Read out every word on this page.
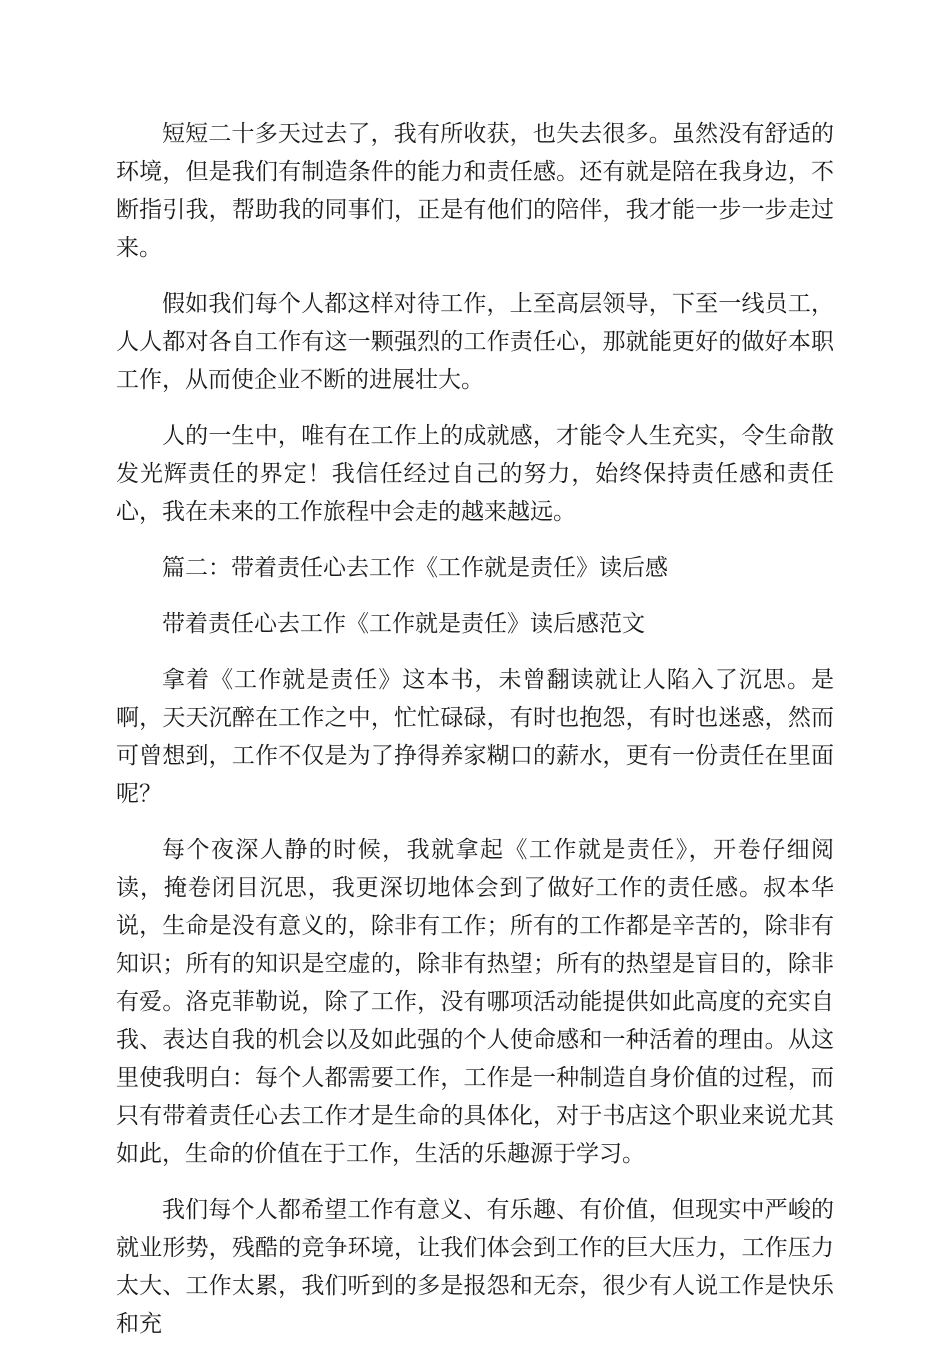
短短二十多天过去了，我有所收获，也失去很多。虽然没有舒适的环境，但是我们有制造条件的能力和责任感。还有就是陪在我身边，不断指引我，帮助我的同事们，正是有他们的陪伴，我才能一步一步走过来。

假如我们每个人都这样对待工作，上至高层领导，下至一线员工，人人都对各自工作有这一颗强烈的工作责任心，那就能更好的做好本职工作，从而使企业不断的进展壮大。

人的一生中，唯有在工作上的成就感，才能令人生充实，令生命散发光辉责任的界定！我信任经过自己的努力，始终保持责任感和责任心，我在未来的工作旅程中会走的越来越远。

篇二：带着责任心去工作《工作就是责任》读后感

带着责任心去工作《工作就是责任》读后感范文

拿着《工作就是责任》这本书，未曾翻读就让人陷入了沉思。是啊，天天沉醉在工作之中，忙忙碌碌，有时也抱怨，有时也迷惑，然而可曾想到，工作不仅是为了挣得养家糊口的薪水，更有一份责任在里面呢？

每个夜深人静的时候，我就拿起《工作就是责任》，开卷仔细阅读，掩卷闭目沉思，我更深切地体会到了做好工作的责任感。叔本华说，生命是没有意义的，除非有工作；所有的工作都是辛苦的，除非有知识；所有的知识是空虚的，除非有热望；所有的热望是盲目的，除非有爱。洛克菲勒说，除了工作，没有哪项活动能提供如此高度的充实自我、表达自我的机会以及如此强的个人使命感和一种活着的理由。从这里使我明白：每个人都需要工作，工作是一种制造自身价值的过程，而只有带着责任心去工作才是生命的具体化，对于书店这个职业来说尤其如此，生命的价值在于工作，生活的乐趣源于学习。

我们每个人都希望工作有意义、有乐趣、有价值，但现实中严峻的就业形势，残酷的竞争环境，让我们体会到工作的巨大压力，工作压力太大、工作太累，我们听到的多是报怨和无奈，很少有人说工作是快乐和充
